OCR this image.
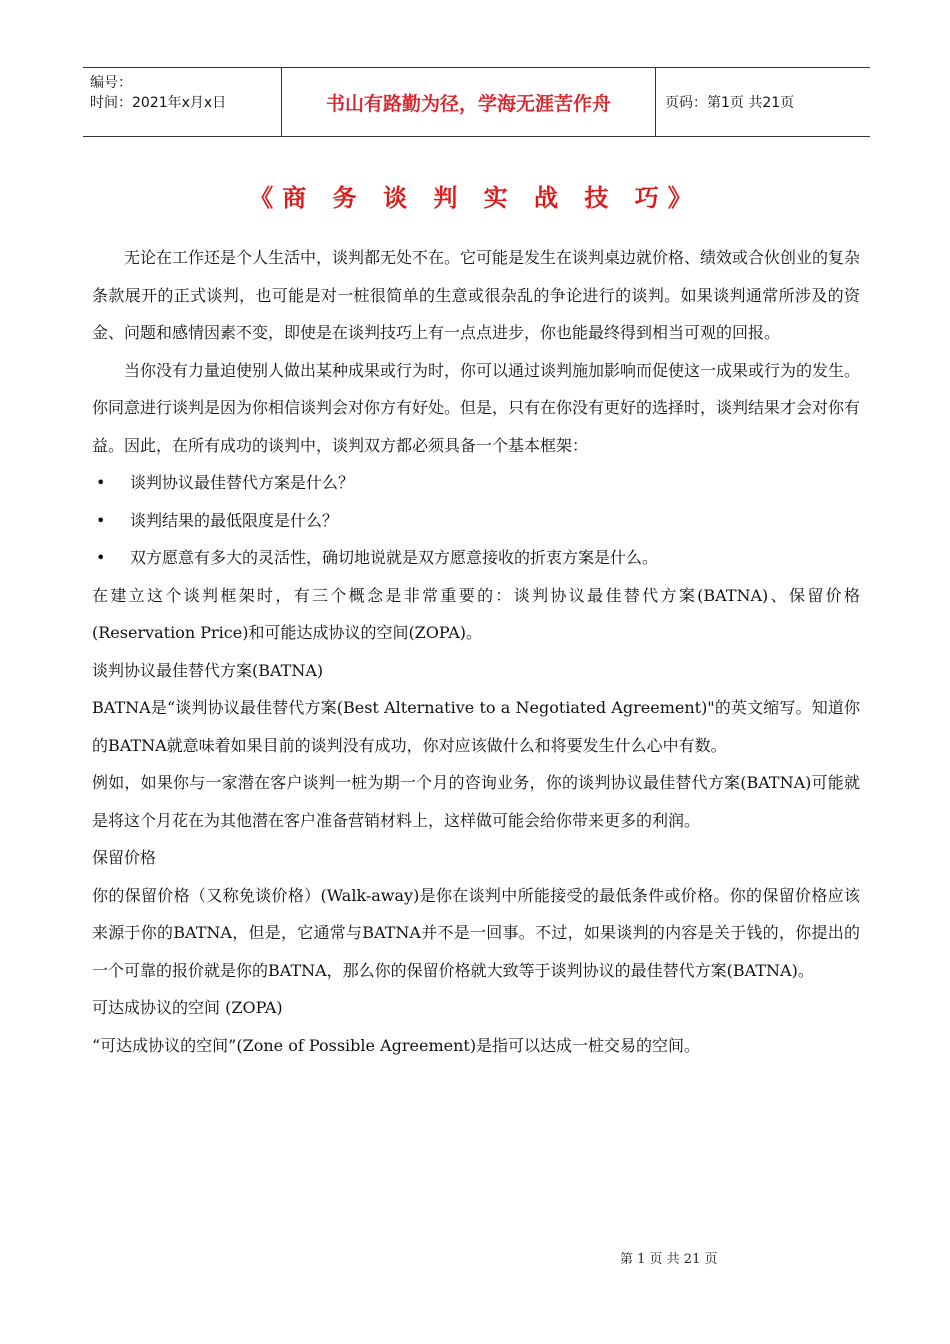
编号：
时间：2021年x月x日	书山有路勤为径，学海无涯苦作舟	页码：第1页 共21页
《商 务 谈 判 实 战 技 巧》

无论在工作还是个人生活中，谈判都无处不在。它可能是发生在谈判桌边就价格、绩效或合伙创业的复杂条款展开的正式谈判，也可能是对一桩很简单的生意或很杂乱的争论进行的谈判。如果谈判通常所涉及的资金、问题和感情因素不变，即使是在谈判技巧上有一点点进步，你也能最终得到相当可观的回报。

当你没有力量迫使别人做出某种成果或行为时，你可以通过谈判施加影响而促使这一成果或行为的发生。你同意进行谈判是因为你相信谈判会对你方有好处。但是，只有在你没有更好的选择时，谈判结果才会对你有益。因此，在所有成功的谈判中，谈判双方都必须具备一个基本框架：

• 谈判协议最佳替代方案是什么？

• 谈判结果的最低限度是什么？

• 双方愿意有多大的灵活性，确切地说就是双方愿意接收的折衷方案是什么。

在建立这个谈判框架时，有三个概念是非常重要的：谈判协议最佳替代方案(BATNA)、保留价格(Reservation Price)和可能达成协议的空间(ZOPA)。

谈判协议最佳替代方案(BATNA)

BATNA是“谈判协议最佳替代方案(Best Alternative to a Negotiated Agreement)"的英文缩写。知道你的BATNA就意味着如果目前的谈判没有成功，你对应该做什么和将要发生什么心中有数。

例如，如果你与一家潜在客户谈判一桩为期一个月的咨询业务，你的谈判协议最佳替代方案(BATNA)可能就是将这个月花在为其他潜在客户准备营销材料上，这样做可能会给你带来更多的利润。

保留价格

你的保留价格（又称免谈价格）(Walk-away)是你在谈判中所能接受的最低条件或价格。你的保留价格应该来源于你的BATNA，但是，它通常与BATNA并不是一回事。不过，如果谈判的内容是关于钱的，你提出的一个可靠的报价就是你的BATNA，那么你的保留价格就大致等于谈判协议的最佳替代方案(BATNA)。

可达成协议的空间 (ZOPA)

“可达成协议的空间”(Zone of Possible Agreement)是指可以达成一桩交易的空间。

第 1 页 共 21 页
